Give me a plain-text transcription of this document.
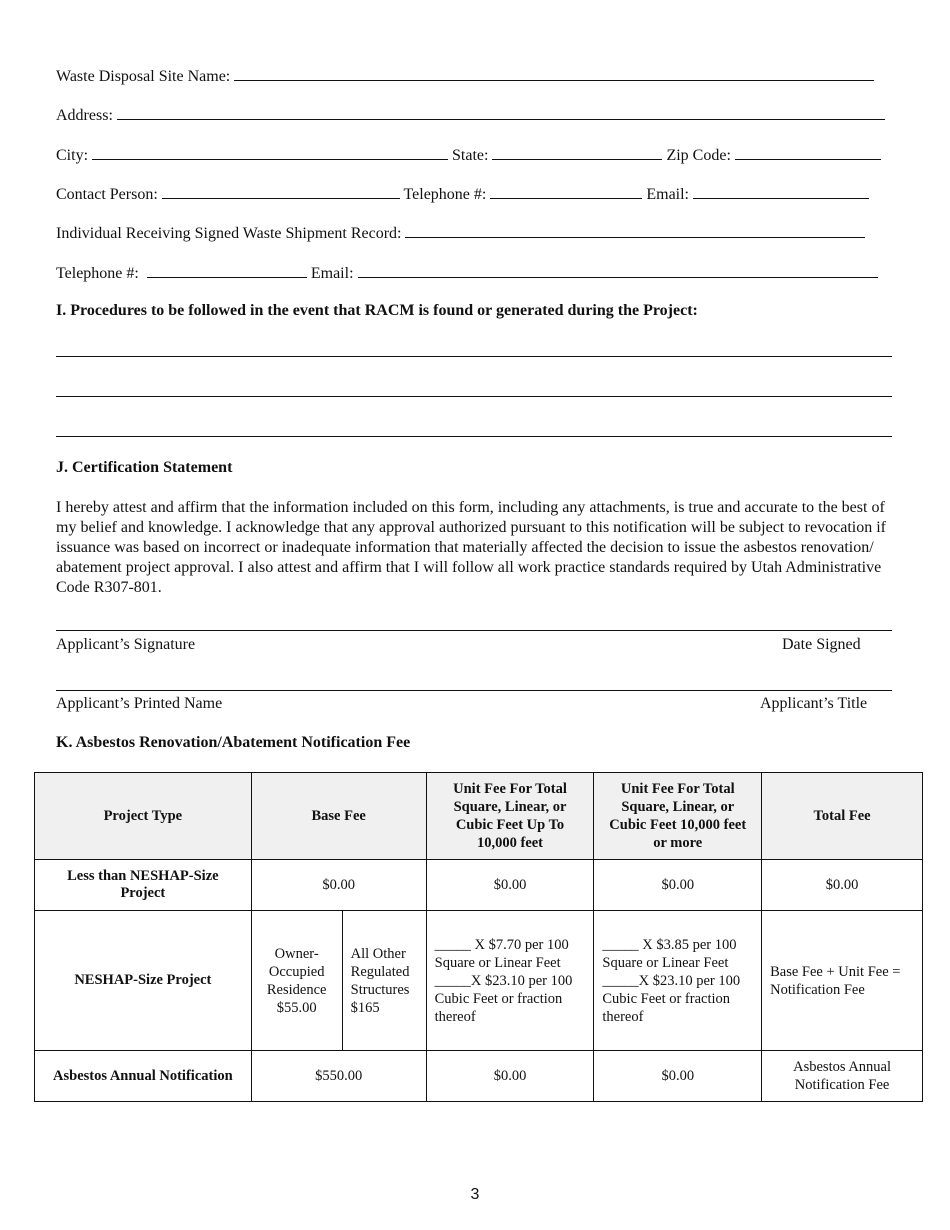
Waste Disposal Site Name:
Address:
City:	State:	Zip Code:
Contact Person:	Telephone #:	Email:
Individual Receiving Signed Waste Shipment Record:
Telephone #:	Email:
I. Procedures to be followed in the event that RACM is found or generated during the Project:
J. Certification Statement
I hereby attest and affirm that the information included on this form, including any attachments, is true and accurate to the best of my belief and knowledge. I acknowledge that any approval authorized pursuant to this notification will be subject to revocation if issuance was based on incorrect or inadequate information that materially affected the decision to issue the asbestos renovation/ abatement project approval. I also attest and affirm that I will follow all work practice standards required by Utah Administrative Code R307-801.
Applicant’s Signature	Date Signed
Applicant’s Printed Name	Applicant’s Title
K. Asbestos Renovation/Abatement Notification Fee
Project Type	Base Fee		Unit Fee For Total Square, Linear, or Cubic Feet Up To 10,000 feet	Unit Fee For Total Square, Linear, or Cubic Feet 10,000 feet or more	Total Fee
Less than NESHAP-Size Project	$0.00		$0.00	$0.00	$0.00
NESHAP-Size Project	Owner-Occupied Residence $55.00	All Other Regulated Structures $165	_____ X $7.70 per 100 Square or Linear Feet _____X $23.10 per 100 Cubic Feet or fraction thereof	_____ X $3.85 per 100 Square or Linear Feet _____X $23.10 per 100 Cubic Feet or fraction thereof	Base Fee + Unit Fee = Notification Fee
Asbestos Annual Notification	$550.00		$0.00	$0.00	Asbestos Annual Notification Fee
3
